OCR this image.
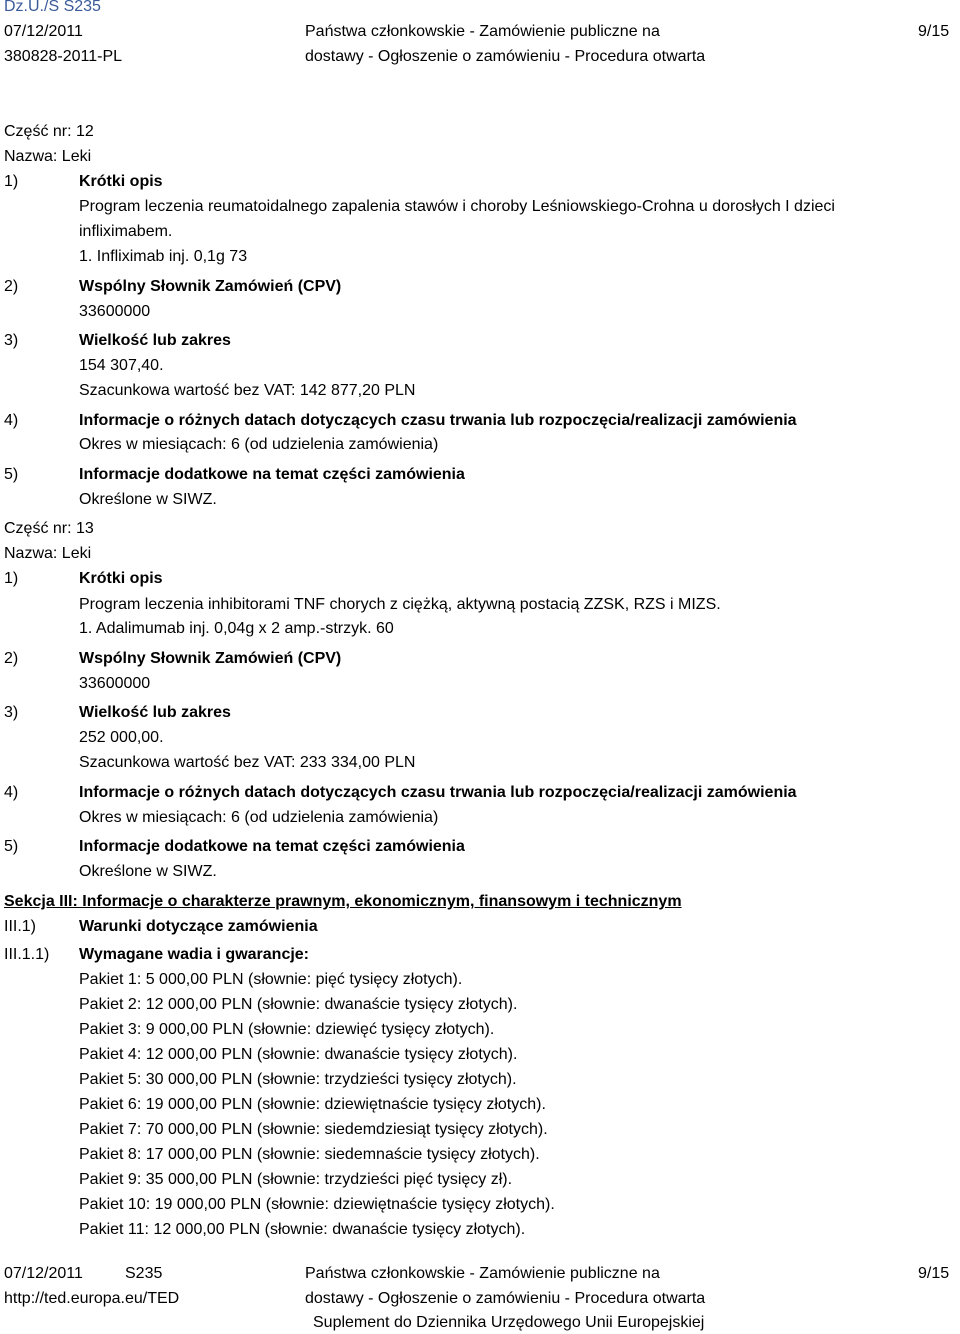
Dz.U./S S235
07/12/2011
380828-2011-PL
Państwa członkowskie - Zamówienie publiczne na
dostawy - Ogłoszenie o zamówieniu - Procedura otwarta
9/15
Część nr: 12
Nazwa: Leki
1)	Krótki opis
Program leczenia reumatoidalnego zapalenia stawów i choroby Leśniowskiego-Crohna u dorosłych I dzieci
infliximabem.
1. Infliximab inj. 0,1g 73
2)	Wspólny Słownik Zamówień (CPV)
33600000
3)	Wielkość lub zakres
154 307,40.
Szacunkowa wartość bez VAT: 142 877,20 PLN
4)	Informacje o różnych datach dotyczących czasu trwania lub rozpoczęcia/realizacji zamówienia
Okres w miesiącach: 6 (od udzielenia zamówienia)
5)	Informacje dodatkowe na temat części zamówienia
Określone w SIWZ.
Część nr: 13
Nazwa: Leki
1)	Krótki opis
Program leczenia inhibitorami TNF chorych z ciężką, aktywną postacią ZZSK, RZS i MIZS.
1. Adalimumab inj. 0,04g x 2 amp.-strzyk. 60
2)	Wspólny Słownik Zamówień (CPV)
33600000
3)	Wielkość lub zakres
252 000,00.
Szacunkowa wartość bez VAT: 233 334,00 PLN
4)	Informacje o różnych datach dotyczących czasu trwania lub rozpoczęcia/realizacji zamówienia
Okres w miesiącach: 6 (od udzielenia zamówienia)
5)	Informacje dodatkowe na temat części zamówienia
Określone w SIWZ.
Sekcja III: Informacje o charakterze prawnym, ekonomicznym, finansowym i technicznym
III.1)	Warunki dotyczące zamówienia
III.1.1) Wymagane wadia i gwarancje:
Pakiet 1: 5 000,00 PLN (słownie: pięć tysięcy złotych).
Pakiet 2: 12 000,00 PLN (słownie: dwanaście tysięcy złotych).
Pakiet 3: 9 000,00 PLN (słownie: dziewięć tysięcy złotych).
Pakiet 4: 12 000,00 PLN (słownie: dwanaście tysięcy złotych).
Pakiet 5: 30 000,00 PLN (słownie: trzydzieści tysięcy złotych).
Pakiet 6: 19 000,00 PLN (słownie: dziewiętnaście tysięcy złotych).
Pakiet 7: 70 000,00 PLN (słownie: siedemdziesiąt tysięcy złotych).
Pakiet 8: 17 000,00 PLN (słownie: siedemnaście tysięcy złotych).
Pakiet 9: 35 000,00 PLN (słownie: trzydzieści pięć tysięcy zł).
Pakiet 10: 19 000,00 PLN (słownie: dziewiętnaście tysięcy złotych).
Pakiet 11: 12 000,00 PLN (słownie: dwanaście tysięcy złotych).
07/12/2011	S235
http://ted.europa.eu/TED
Państwa członkowskie - Zamówienie publiczne na
dostawy - Ogłoszenie o zamówieniu - Procedura otwarta
Suplement do Dziennika Urzędowego Unii Europejskiej
9/15
